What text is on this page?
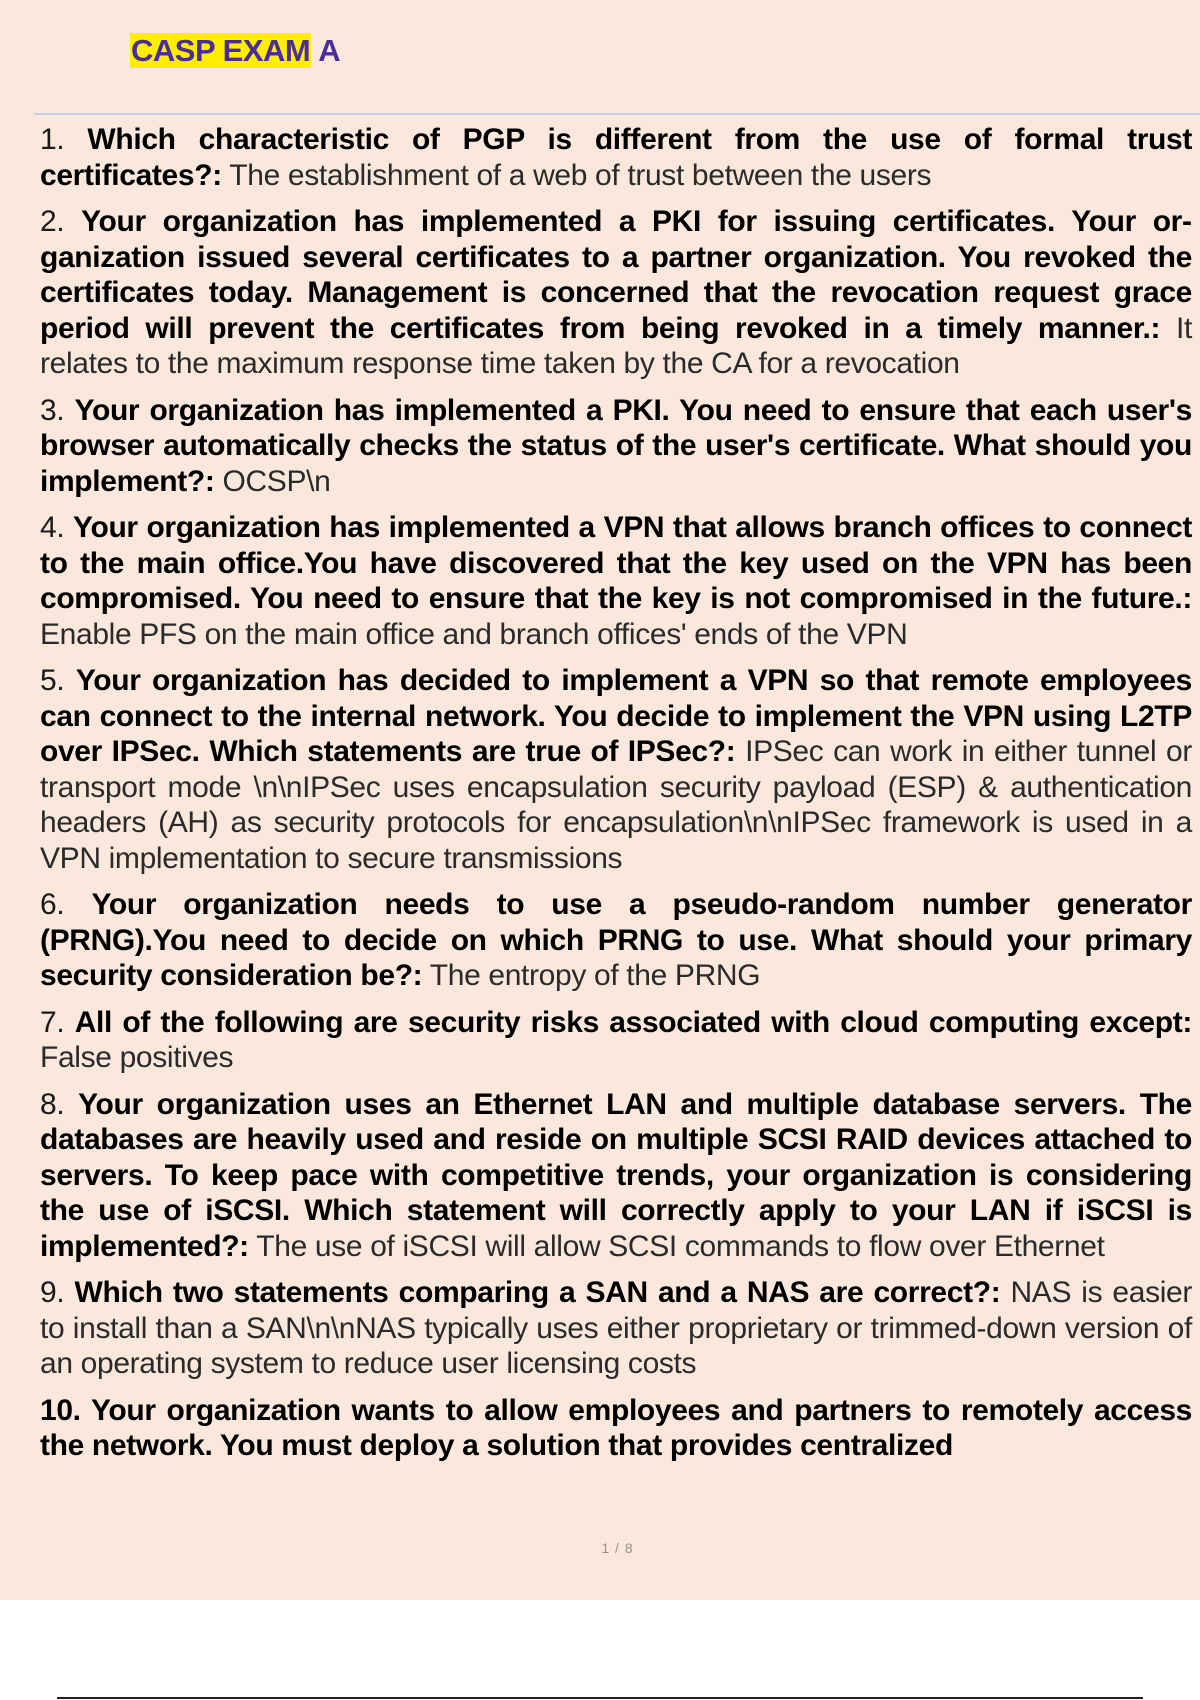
CASP EXAM A
1. Which characteristic of PGP is different from the use of formal trust certificates?: The establishment of a web of trust between the users
2. Your organization has implemented a PKI for issuing certificates. Your organization issued several certificates to a partner organization. You revoked the certificates today. Management is concerned that the revocation request grace period will prevent the certificates from being revoked in a timely manner.: It relates to the maximum response time taken by the CA for a revocation
3. Your organization has implemented a PKI. You need to ensure that each user's browser automatically checks the status of the user's certificate. What should you implement?: OCSP\n
4. Your organization has implemented a VPN that allows branch offices to connect to the main office.You have discovered that the key used on the VPN has been compromised. You need to ensure that the key is not compromised in the future.: Enable PFS on the main office and branch offices' ends of the VPN
5. Your organization has decided to implement a VPN so that remote employees can connect to the internal network. You decide to implement the VPN using L2TP over IPSec. Which statements are true of IPSec?: IPSec can work in either tunnel or transport mode \n\nIPSec uses encapsulation security payload (ESP) & authentication headers (AH) as security protocols for encapsulation\n\nIPSec framework is used in a VPN implementation to secure transmissions
6. Your organization needs to use a pseudo-random number generator (PRNG).You need to decide on which PRNG to use. What should your primary security consideration be?: The entropy of the PRNG
7. All of the following are security risks associated with cloud computing except: False positives
8. Your organization uses an Ethernet LAN and multiple database servers. The databases are heavily used and reside on multiple SCSI RAID devices attached to servers. To keep pace with competitive trends, your organization is considering the use of iSCSI. Which statement will correctly apply to your LAN if iSCSI is implemented?: The use of iSCSI will allow SCSI commands to flow over Ethernet
9. Which two statements comparing a SAN and a NAS are correct?: NAS is easier to install than a SAN\n\nNAS typically uses either proprietary or trimmed-down version of an operating system to reduce user licensing costs
10. Your organization wants to allow employees and partners to remotely access the network. You must deploy a solution that provides centralized
1 / 8
